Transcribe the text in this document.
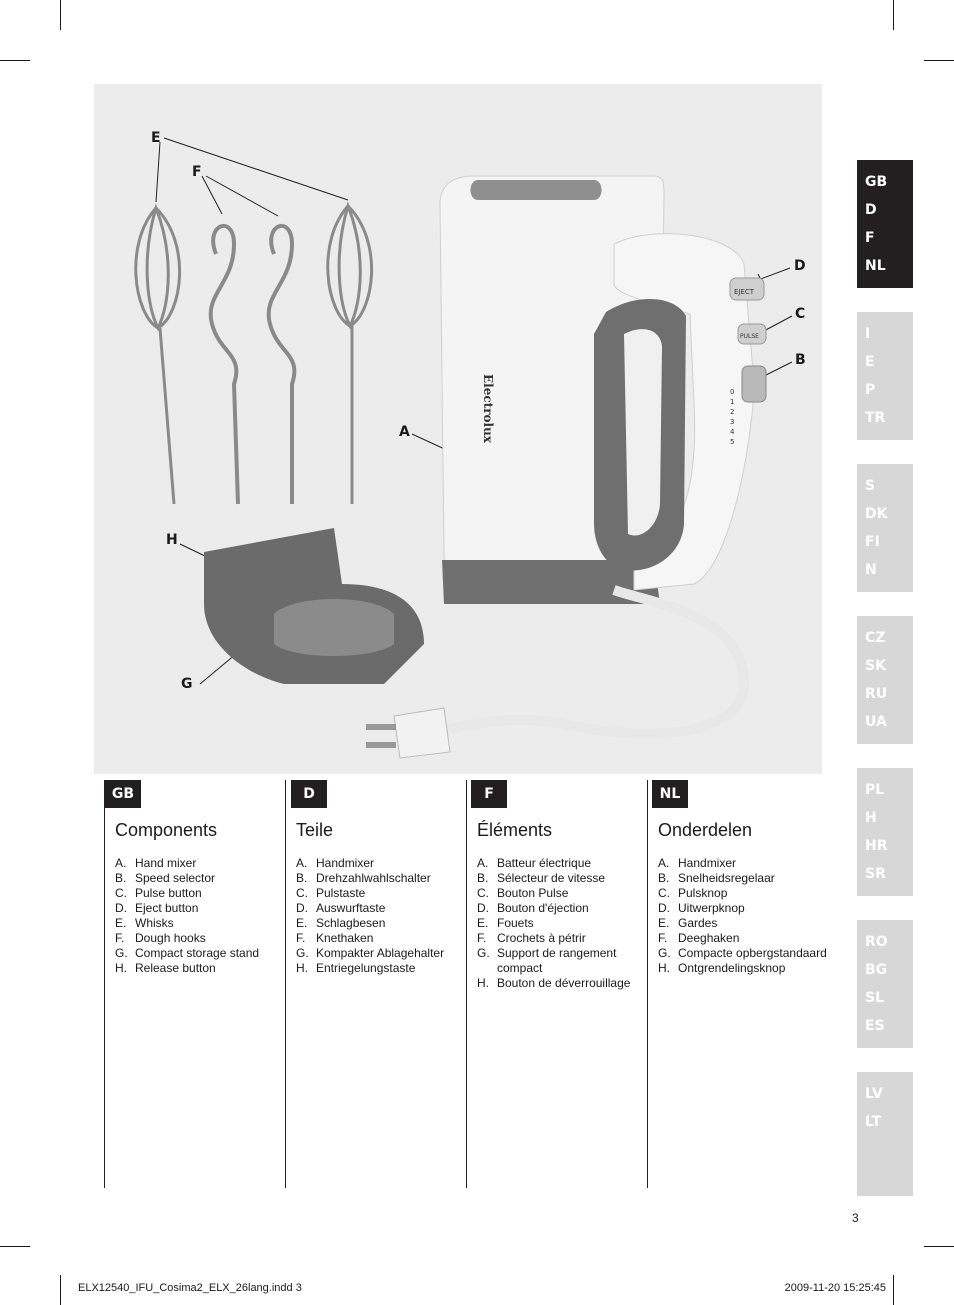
EJECT
PULSE
Electrolux	0
1
2
3
4
5
E
F
A
D
C
B
H
G
GB
D
F
NL
I
E
P
TR
S
DK
FI
N
CZ
SK
RU
UA
PL
H
HR
SR
RO
BG
SL
ES
LV
LT
GB
Components
A. Hand mixer
B. Speed selector
C. Pulse button
D. Eject button
E. Whisks
F. Dough hooks
G. Compact storage stand
H. Release button
D
Teile
A. Handmixer
B. Drehzahlwahlschalter
C. Pulstaste
D. Auswurftaste
E. Schlagbesen
F. Knethaken
G. Kompakter Ablagehalter
H. Entriegelungstaste
F
Éléments
A. Batteur électrique
B. Sélecteur de vitesse
C. Bouton Pulse
D. Bouton d'éjection
E. Fouets
F. Crochets à pétrir
G. Support de rangement compact
H. Bouton de déverrouillage
NL
Onderdelen
A. Handmixer
B. Snelheidsregelaar
C. Pulsknop
D. Uitwerpknop
E. Gardes
F. Deeghaken
G. Compacte opbergstandaard
H. Ontgrendelingsknop
3
ELX12540_IFU_Cosima2_ELX_26lang.indd 3	2009-11-20 15:25:45
